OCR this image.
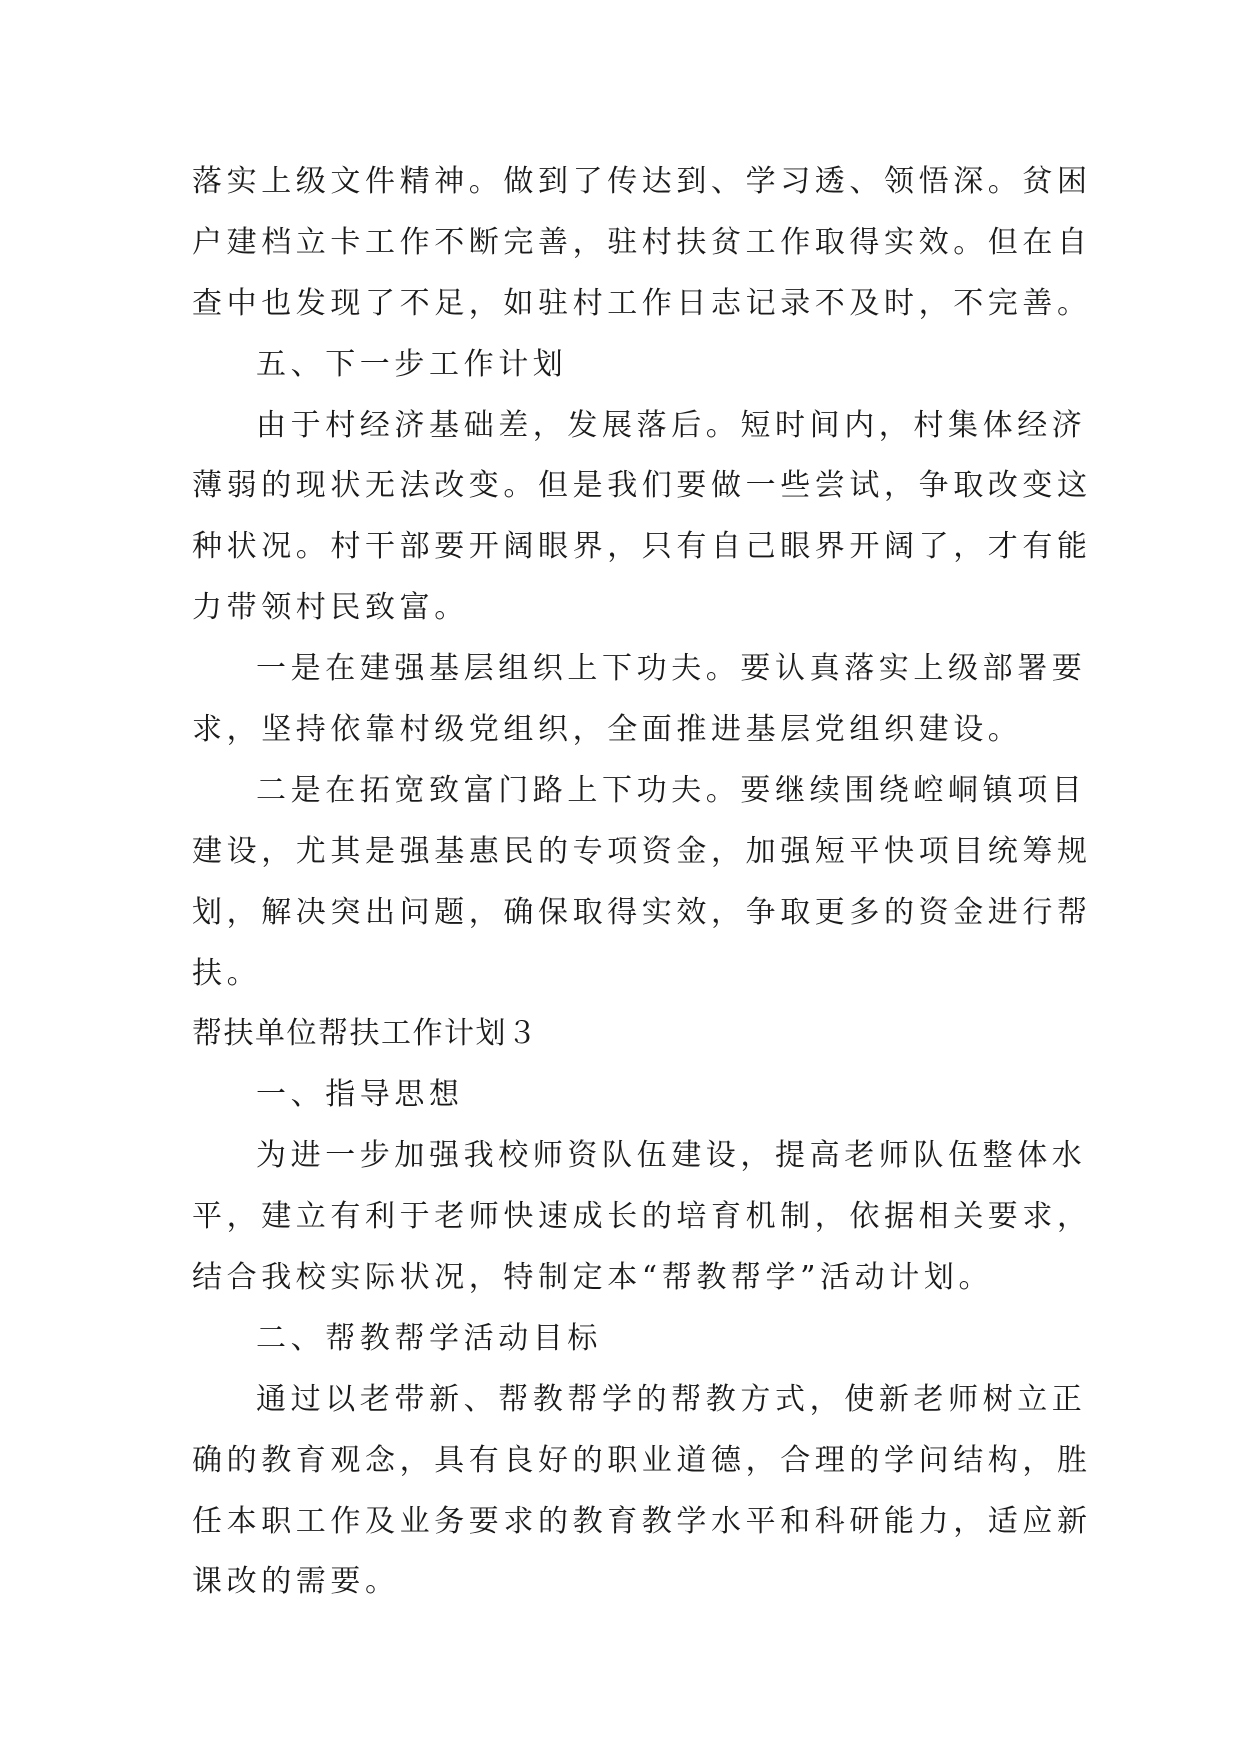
落实上级文件精神。做到了传达到、学习透、领悟深。贫困
户建档立卡工作不断完善，驻村扶贫工作取得实效。但在自
查中也发现了不足，如驻村工作日志记录不及时，不完善。
五、下一步工作计划
由于村经济基础差，发展落后。短时间内，村集体经济
薄弱的现状无法改变。但是我们要做一些尝试，争取改变这
种状况。村干部要开阔眼界，只有自己眼界开阔了，才有能
力带领村民致富。
一是在建强基层组织上下功夫。要认真落实上级部署要
求，坚持依靠村级党组织，全面推进基层党组织建设。
二是在拓宽致富门路上下功夫。要继续围绕崆峒镇项目
建设，尤其是强基惠民的专项资金，加强短平快项目统筹规
划，解决突出问题，确保取得实效，争取更多的资金进行帮
扶。
帮扶单位帮扶工作计划３
一、指导思想
为进一步加强我校师资队伍建设，提高老师队伍整体水
平，建立有利于老师快速成长的培育机制，依据相关要求，
结合我校实际状况，特制定本“帮教帮学”活动计划。
二、帮教帮学活动目标
通过以老带新、帮教帮学的帮教方式，使新老师树立正
确的教育观念，具有良好的职业道德，合理的学问结构，胜
任本职工作及业务要求的教育教学水平和科研能力，适应新
课改的需要。
